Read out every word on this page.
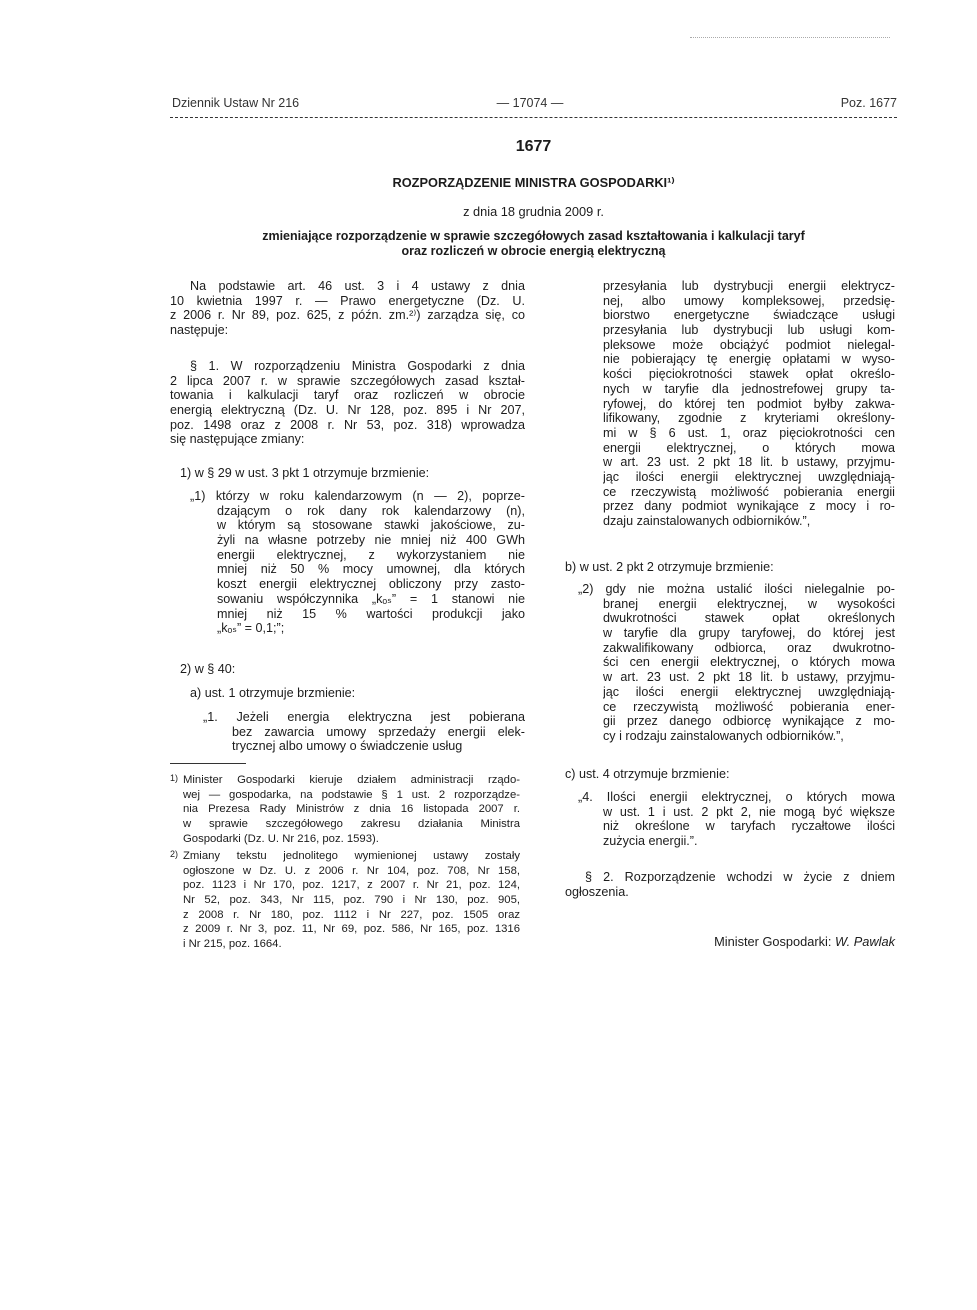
Dziennik Ustaw Nr 216	— 17074 —	Poz. 1677
1677
ROZPORZĄDZENIE MINISTRA GOSPODARKI¹⁾
z dnia 18 grudnia 2009 r.
zmieniające rozporządzenie w sprawie szczegółowych zasad kształtowania i kalkulacji taryf
oraz rozliczeń w obrocie energią elektryczną
Na podstawie art. 46 ust. 3 i 4 ustawy z dnia
10 kwietnia 1997 r. — Prawo energetyczne (Dz. U.
z 2006 r. Nr 89, poz. 625, z późn. zm.²⁾) zarządza się, co
następuje:
§ 1. W rozporządzeniu Ministra Gospodarki z dnia
2 lipca 2007 r. w sprawie szczegółowych zasad kształ-
towania i kalkulacji taryf oraz rozliczeń w obrocie
energią elektryczną (Dz. U. Nr 128, poz. 895 i Nr 207,
poz. 1498 oraz z 2008 r. Nr 53, poz. 318) wprowadza
się następujące zmiany:
1) w § 29 w ust. 3 pkt 1 otrzymuje brzmienie:
„1) którzy w roku kalendarzowym (n — 2), poprze-
dzającym o rok dany rok kalendarzowy (n),
w którym są stosowane stawki jakościowe, zu-
żyli na własne potrzeby nie mniej niż 400 GWh
energii elektrycznej, z wykorzystaniem nie
mniej niż 50 % mocy umownej, dla których
koszt energii elektrycznej obliczony przy zasto-
sowaniu współczynnika „kₒₛ” = 1 stanowi nie
mniej niż 15 % wartości produkcji jako
„kₒₛ” = 0,1;”;
2) w § 40:
a) ust. 1 otrzymuje brzmienie:
„1. Jeżeli energia elektryczna jest pobierana
bez zawarcia umowy sprzedaży energii elek-
trycznej albo umowy o świadczenie usług
1) Minister Gospodarki kieruje działem administracji rządo-
wej — gospodarka, na podstawie § 1 ust. 2 rozporządze-
nia Prezesa Rady Ministrów z dnia 16 listopada 2007 r.
w sprawie szczegółowego zakresu działania Ministra
Gospodarki (Dz. U. Nr 216, poz. 1593).
2) Zmiany tekstu jednolitego wymienionej ustawy zostały
ogłoszone w Dz. U. z 2006 r. Nr 104, poz. 708, Nr 158,
poz. 1123 i Nr 170, poz. 1217, z 2007 r. Nr 21, poz. 124,
Nr 52, poz. 343, Nr 115, poz. 790 i Nr 130, poz. 905,
z 2008 r. Nr 180, poz. 1112 i Nr 227, poz. 1505 oraz
z 2009 r. Nr 3, poz. 11, Nr 69, poz. 586, Nr 165, poz. 1316
i Nr 215, poz. 1664.
przesyłania lub dystrybucji energii elektrycz-
nej, albo umowy kompleksowej, przedsię-
biorstwo energetyczne świadczące usługi
przesyłania lub dystrybucji lub usługi kom-
pleksowe może obciążyć podmiot nielegal-
nie pobierający tę energię opłatami w wyso-
kości pięciokrotności stawek opłat określo-
nych w taryfie dla jednostrefowej grupy ta-
ryfowej, do której ten podmiot byłby zakwa-
lifikowany, zgodnie z kryteriami określony-
mi w § 6 ust. 1, oraz pięciokrotności cen
energii elektrycznej, o których mowa
w art. 23 ust. 2 pkt 18 lit. b ustawy, przyjmu-
jąc ilości energii elektrycznej uwzględniają-
ce rzeczywistą możliwość pobierania energii
przez dany podmiot wynikające z mocy i ro-
dzaju zainstalowanych odbiorników.”,
b) w ust. 2 pkt 2 otrzymuje brzmienie:
„2) gdy nie można ustalić ilości nielegalnie po-
branej energii elektrycznej, w wysokości
dwukrotności stawek opłat określonych
w taryfie dla grupy taryfowej, do której jest
zakwalifikowany odbiorca, oraz dwukrotno-
ści cen energii elektrycznej, o których mowa
w art. 23 ust. 2 pkt 18 lit. b ustawy, przyjmu-
jąc ilości energii elektrycznej uwzględniają-
ce rzeczywistą możliwość pobierania ener-
gii przez danego odbiorcę wynikające z mo-
cy i rodzaju zainstalowanych odbiorników.”,
c) ust. 4 otrzymuje brzmienie:
„4. Ilości energii elektrycznej, o których mowa
w ust. 1 i ust. 2 pkt 2, nie mogą być większe
niż określone w taryfach ryczałtowe ilości
zużycia energii.”.
§ 2. Rozporządzenie wchodzi w życie z dniem
ogłoszenia.
Minister Gospodarki: W. Pawlak
